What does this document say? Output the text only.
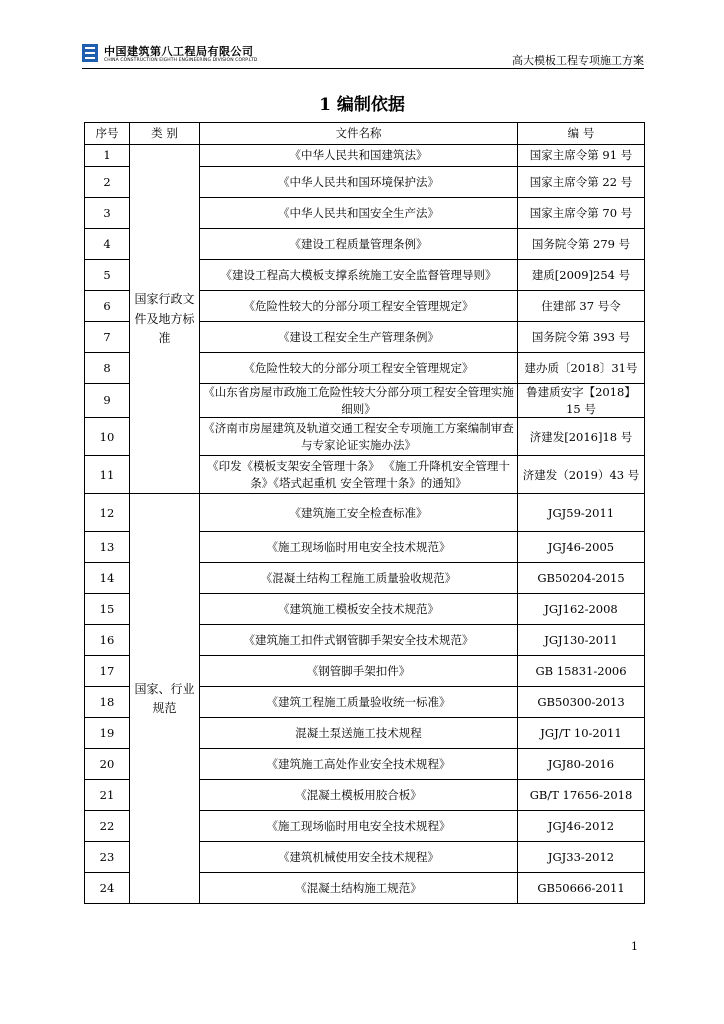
中国建筑第八工程局有限公司
CHINA CONSTRUCTION EIGHTH ENGINEERING DIVISION CORP.LTD	高大模板工程专项施工方案
1 编制依据
序号	类 别	文件名称	编 号
1	国家行政文件及地方标准	《中华人民共和国建筑法》	国家主席令第 91 号
2		《中华人民共和国环境保护法》	国家主席令第 22 号
3		《中华人民共和国安全生产法》	国家主席令第 70 号
4		《建设工程质量管理条例》	国务院令第 279 号
5		《建设工程高大模板支撑系统施工安全监督管理导则》	建质[2009]254 号
6		《危险性较大的分部分项工程安全管理规定》	住建部 37 号令
7		《建设工程安全生产管理条例》	国务院令第 393 号
8		《危险性较大的分部分项工程安全管理规定》	建办质〔2018〕31号
9		《山东省房屋市政施工危险性较大分部分项工程安全管理实施细则》	鲁建质安字【2018】15 号
10		《济南市房屋建筑及轨道交通工程安全专项施工方案编制审查与专家论证实施办法》	济建发[2016]18 号
11		《印发《模板支架安全管理十条》 《施工升降机安全管理十条》《塔式起重机 安全管理十条》的通知》	济建发（2019）43 号
12	国家、行业规范	《建筑施工安全检查标准》	JGJ59-2011
13		《施工现场临时用电安全技术规范》	JGJ46-2005
14		《混凝土结构工程施工质量验收规范》	GB50204-2015
15		《建筑施工模板安全技术规范》	JGJ162-2008
16		《建筑施工扣件式钢管脚手架安全技术规范》	JGJ130-2011
17		《钢管脚手架扣件》	GB 15831-2006
18		《建筑工程施工质量验收统一标准》	GB50300-2013
19		混凝土泵送施工技术规程	JGJ/T 10-2011
20		《建筑施工高处作业安全技术规程》	JGJ80-2016
21		《混凝土模板用胶合板》	GB/T 17656-2018
22		《施工现场临时用电安全技术规程》	JGJ46-2012
23		《建筑机械使用安全技术规程》	JGJ33-2012
24		《混凝土结构施工规范》	GB50666-2011
1
